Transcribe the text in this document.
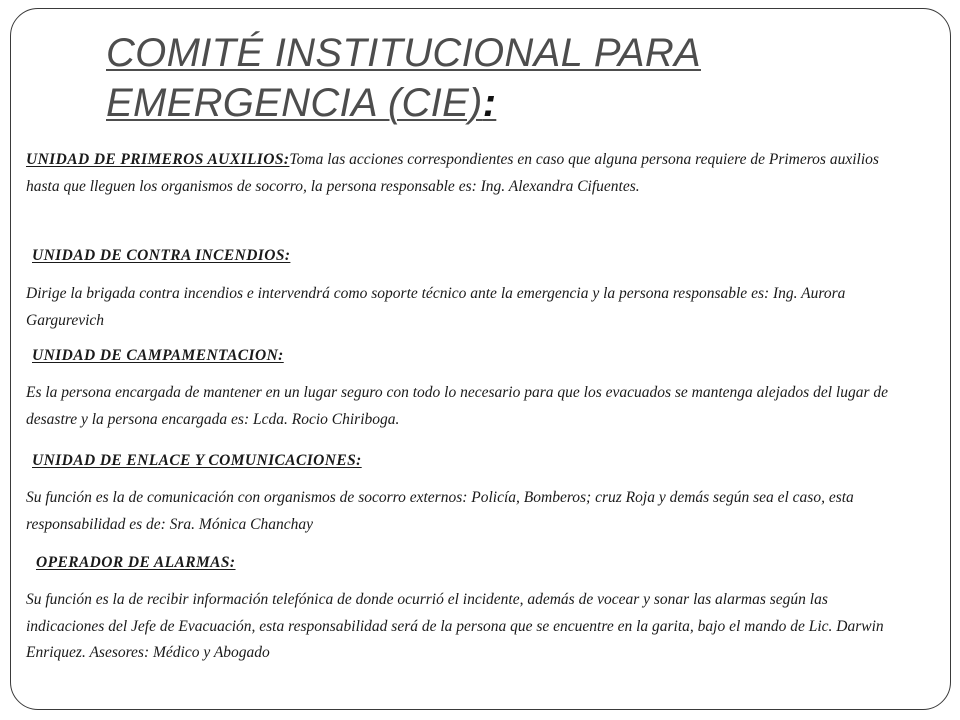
COMITÉ INSTITUCIONAL PARA EMERGENCIA (CIE):

UNIDAD DE PRIMEROS AUXILIOS:Toma las acciones correspondientes en caso que alguna persona requiere de Primeros auxilios hasta que lleguen los organismos de socorro, la persona responsable es: Ing. Alexandra Cifuentes.

UNIDAD DE CONTRA INCENDIOS:

Dirige la brigada contra incendios e intervendrá como soporte técnico ante la emergencia y la persona responsable es: Ing. Aurora Gargurevich

UNIDAD DE CAMPAMENTACION:

Es la persona encargada de mantener en un lugar seguro con todo lo necesario para que los evacuados se mantenga alejados del lugar de desastre y la persona encargada es: Lcda. Rocio Chiriboga.

UNIDAD DE ENLACE Y COMUNICACIONES:

Su función es la de comunicación con organismos de socorro externos: Policía, Bomberos; cruz Roja y demás según sea el caso, esta responsabilidad es de: Sra. Mónica Chanchay

OPERADOR DE ALARMAS:

Su función es la de recibir información telefónica de donde ocurrió el incidente, además de vocear y sonar las alarmas según las indicaciones del Jefe de Evacuación, esta responsabilidad será de la persona que se encuentre en la garita, bajo el mando de Lic. Darwin Enriquez. Asesores: Médico y Abogado
